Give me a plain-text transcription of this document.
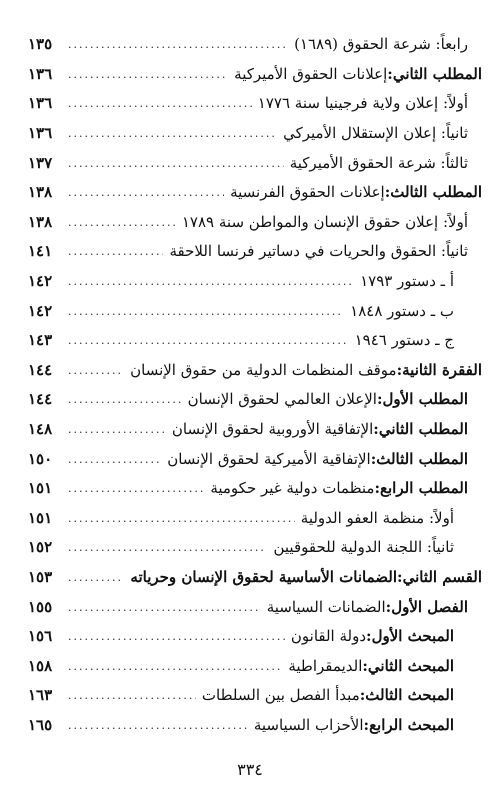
رابعاً: شرعة الحقوق (١٦٨٩)
.....
١٣٥
المطلب الثاني :
إعلانات الحقوق الأميركية
.....
١٣٦
أولاً: إعلان ولاية فرجينيا سنة ١٧٧٦
.....
١٣٦
ثانياً: إعلان الإستقلال الأميركي
.....
١٣٦
ثالثاً: شرعة الحقوق الأميركية
.....
١٣٧
المطلب الثالث :
إعلانات الحقوق الفرنسية
.....
١٣٨
أولاً: إعلان حقوق الإنسان والمواطن سنة ١٧٨٩
.....
١٣٨
ثانياً: الحقوق والحريات في دساتير فرنسا اللاحقة
.....
١٤١
أ ـ دستور ١٧٩٣
.....
١٤٢
ب ـ دستور ١٨٤٨
.....
١٤٢
ج ـ دستور ١٩٤٦
.....
١٤٣
الفقرة الثانية :
موقف المنظمات الدولية من حقوق الإنسان
.....
١٤٤
المطلب الأول :
الإعلان العالمي لحقوق الإنسان
.....
١٤٤
المطلب الثاني :
الإتفاقية الأوروبية لحقوق الإنسان
.....
١٤٨
المطلب الثالث :
الإتفاقية الأميركية لحقوق الإنسان
.....
١٥٠
المطلب الرابع :
منظمات دولية غير حكومية
.....
١٥١
أولاً: منظمة العفو الدولية
.....
١٥١
ثانياً: اللجنة الدولية للحقوقيين
.....
١٥٢
القسم الثاني :
الضمانات الأساسية لحقوق الإنسان وحرياته
.....
١٥٣
الفصل الأول :
الضمانات السياسية
.....
١٥٥
المبحث الأول :
دولة القانون
.....
١٥٦
المبحث الثاني :
الديمقراطية
.....
١٥٨
المبحث الثالث :
مبدأ الفصل بين السلطات
.....
١٦٣
المبحث الرابع :
الأحزاب السياسية
.....
١٦٥
٣٣٤
